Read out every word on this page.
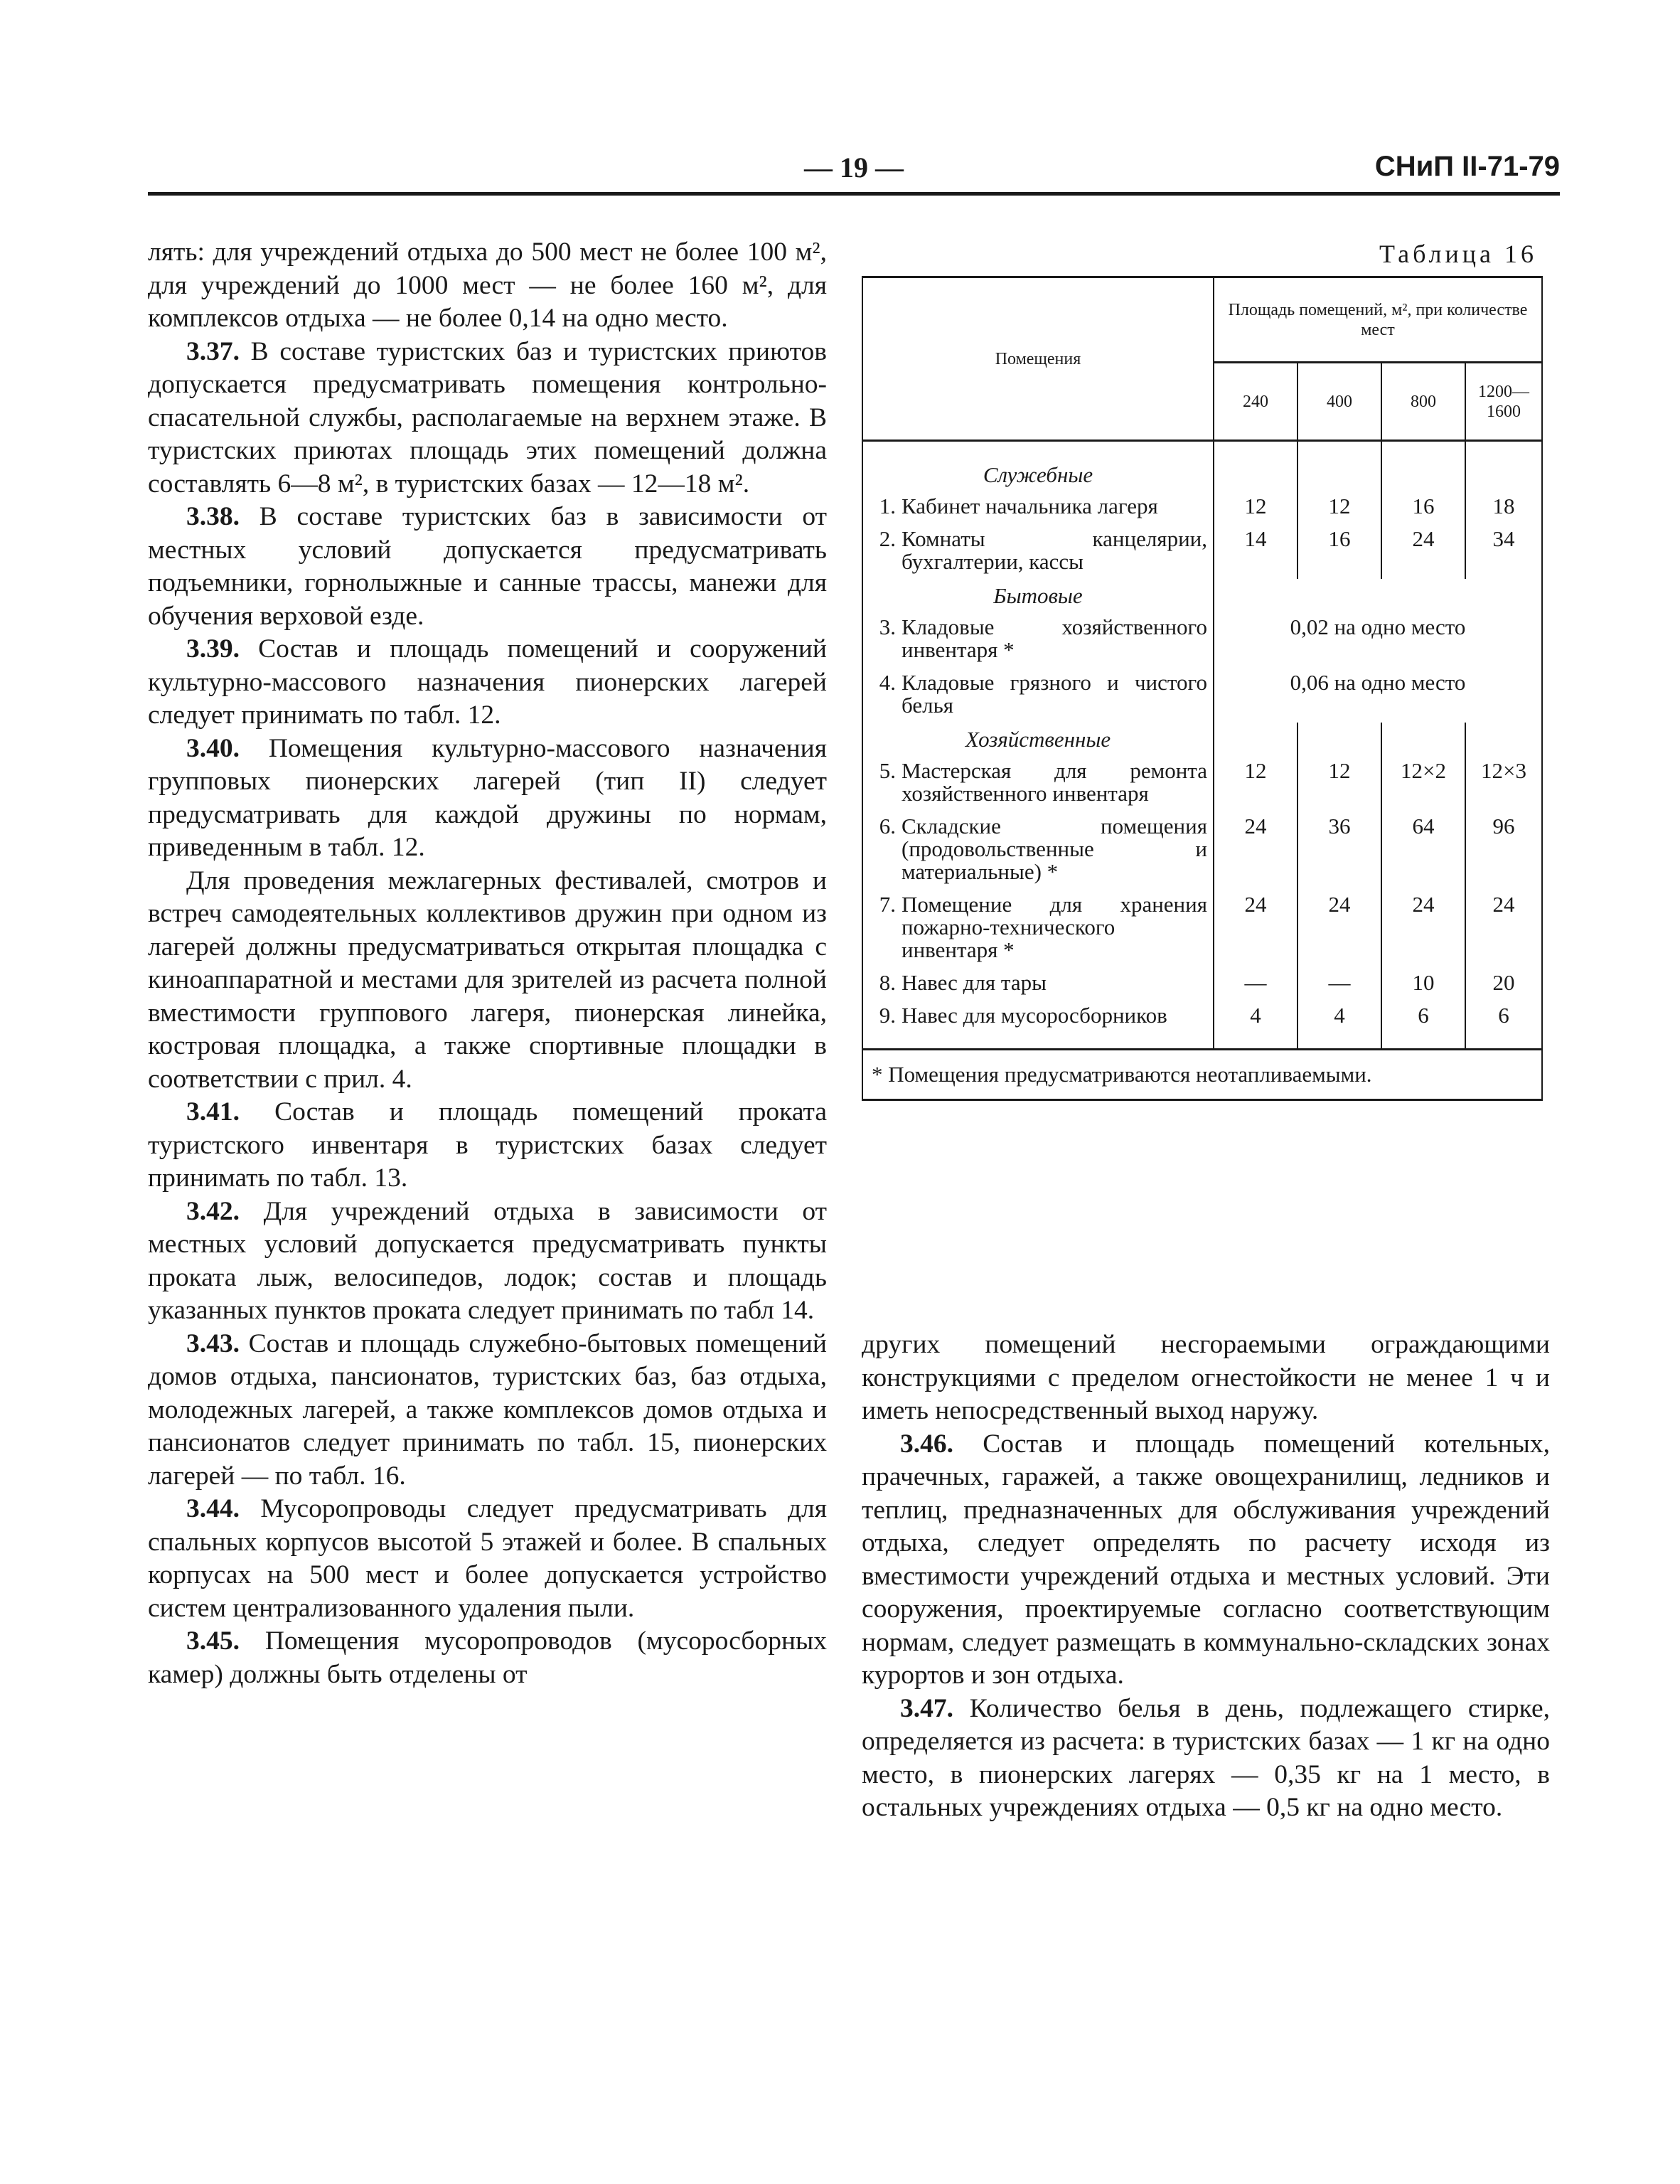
— 19 —	СНиП II-71-79

лять: для учреждений отдыха до 500 мест не более 100 м², для учреждений до 1000 мест — не более 160 м², для комплексов отдыха — не более 0,14 на одно место.

3.37. В составе туристских баз и туристских приютов допускается предусматривать помещения контрольно-спасательной службы, располагаемые на верхнем этаже. В туристских приютах площадь этих помещений должна составлять 6—8 м², в туристских базах — 12—18 м².

3.38. В составе туристских баз в зависимости от местных условий допускается предусматривать подъемники, горнолыжные и санные трассы, манежи для обучения верховой езде.

3.39. Состав и площадь помещений и сооружений культурно-массового назначения пионерских лагерей следует принимать по табл. 12.

3.40. Помещения культурно-массового назначения групповых пионерских лагерей (тип II) следует предусматривать для каждой дружины по нормам, приведенным в табл. 12.

Для проведения межлагерных фестивалей, смотров и встреч самодеятельных коллективов дружин при одном из лагерей должны предусматриваться открытая площадка с киноаппаратной и местами для зрителей из расчета полной вместимости группового лагеря, пионерская линейка, костровая площадка, а также спортивные площадки в соответствии с прил. 4.

3.41. Состав и площадь помещений проката туристского инвентаря в туристских базах следует принимать по табл. 13.

3.42. Для учреждений отдыха в зависимости от местных условий допускается предусматривать пункты проката лыж, велосипедов, лодок; состав и площадь указанных пунктов проката следует принимать по табл 14.

3.43. Состав и площадь служебно-бытовых помещений домов отдыха, пансионатов, туристских баз, баз отдыха, молодежных лагерей, а также комплексов домов отдыха и пансионатов следует принимать по табл. 15, пионерских лагерей — по табл. 16.

3.44. Мусоропроводы следует предусматривать для спальных корпусов высотой 5 этажей и более. В спальных корпусах на 500 мест и более допускается устройство систем централизованного удаления пыли.

3.45. Помещения мусоропроводов (мусоросборных камер) должны быть отделены от

Таблица 16
Помещения	Площадь помещений, м², при количестве мест			
	240	400	800	1200—1600

Служебные				

1. Кабинет начальника лагеря	12	12	16	18

2. Комнаты канцелярии, бухгалтерии, кассы	14	16	24	34
Бытовые				

3. Кладовые хозяйственного инвентаря *	0,02 на одно место			

4. Кладовые грязного и чистого белья	0,06 на одно место			
Хозяйственные				

5. Мастерская для ремонта хозяйственного инвентаря	12	12	12×2	12×3

6. Складские помещения (продовольственные и материальные) *	24	36	64	96

7. Помещение для хранения пожарно-технического инвентаря *	24	24	24	24

8. Навес для тары	—	—	10	20

9. Навес для мусоросборников	4	4	6	6

* Помещения предусматриваются неотапливаемыми.				

других помещений несгораемыми ограждающими конструкциями с пределом огнестойкости не менее 1 ч и иметь непосредственный выход наружу.

3.46. Состав и площадь помещений котельных, прачечных, гаражей, а также овощехранилищ, ледников и теплиц, предназначенных для обслуживания учреждений отдыха, следует определять по расчету исходя из вместимости учреждений отдыха и местных условий. Эти сооружения, проектируемые согласно соответствующим нормам, следует размещать в коммунально-складских зонах курортов и зон отдыха.

3.47. Количество белья в день, подлежащего стирке, определяется из расчета: в туристских базах — 1 кг на одно место, в пионерских лагерях — 0,35 кг на 1 место, в остальных учреждениях отдыха — 0,5 кг на одно место.
